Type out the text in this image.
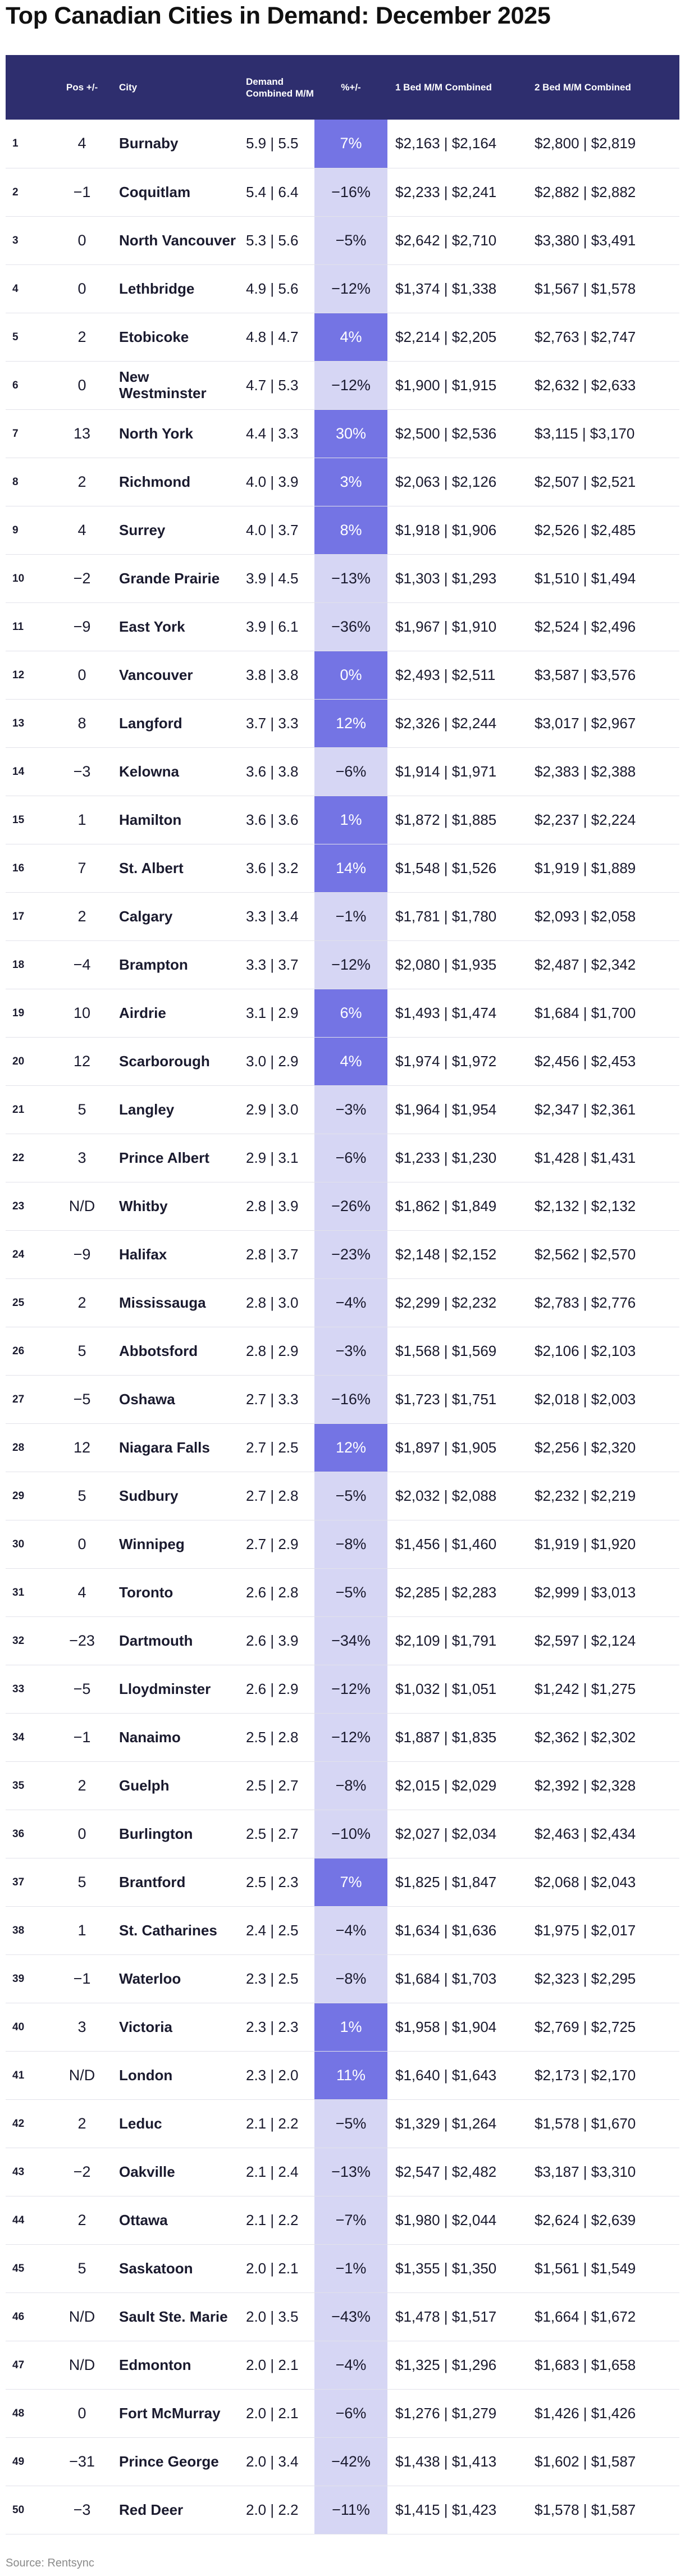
Top Canadian Cities in Demand: December 2025
	Pos +/-	City	Demand Combined M/M	%+/-	1 Bed M/M Combined	2 Bed M/M Combined
1	4	Burnaby	5.9 | 5.5	7%	$2,163 | $2,164	$2,800 | $2,819
2	−1	Coquitlam	5.4 | 6.4	−16%	$2,233 | $2,241	$2,882 | $2,882
3	0	North Vancouver	5.3 | 5.6	−5%	$2,642 | $2,710	$3,380 | $3,491
4	0	Lethbridge	4.9 | 5.6	−12%	$1,374 | $1,338	$1,567 | $1,578
5	2	Etobicoke	4.8 | 4.7	4%	$2,214 | $2,205	$2,763 | $2,747
6	0	New Westminster	4.7 | 5.3	−12%	$1,900 | $1,915	$2,632 | $2,633
7	13	North York	4.4 | 3.3	30%	$2,500 | $2,536	$3,115 | $3,170
8	2	Richmond	4.0 | 3.9	3%	$2,063 | $2,126	$2,507 | $2,521
9	4	Surrey	4.0 | 3.7	8%	$1,918 | $1,906	$2,526 | $2,485
10	−2	Grande Prairie	3.9 | 4.5	−13%	$1,303 | $1,293	$1,510 | $1,494
11	−9	East York	3.9 | 6.1	−36%	$1,967 | $1,910	$2,524 | $2,496
12	0	Vancouver	3.8 | 3.8	0%	$2,493 | $2,511	$3,587 | $3,576
13	8	Langford	3.7 | 3.3	12%	$2,326 | $2,244	$3,017 | $2,967
14	−3	Kelowna	3.6 | 3.8	−6%	$1,914 | $1,971	$2,383 | $2,388
15	1	Hamilton	3.6 | 3.6	1%	$1,872 | $1,885	$2,237 | $2,224
16	7	St. Albert	3.6 | 3.2	14%	$1,548 | $1,526	$1,919 | $1,889
17	2	Calgary	3.3 | 3.4	−1%	$1,781 | $1,780	$2,093 | $2,058
18	−4	Brampton	3.3 | 3.7	−12%	$2,080 | $1,935	$2,487 | $2,342
19	10	Airdrie	3.1 | 2.9	6%	$1,493 | $1,474	$1,684 | $1,700
20	12	Scarborough	3.0 | 2.9	4%	$1,974 | $1,972	$2,456 | $2,453
21	5	Langley	2.9 | 3.0	−3%	$1,964 | $1,954	$2,347 | $2,361
22	3	Prince Albert	2.9 | 3.1	−6%	$1,233 | $1,230	$1,428 | $1,431
23	N/D	Whitby	2.8 | 3.9	−26%	$1,862 | $1,849	$2,132 | $2,132
24	−9	Halifax	2.8 | 3.7	−23%	$2,148 | $2,152	$2,562 | $2,570
25	2	Mississauga	2.8 | 3.0	−4%	$2,299 | $2,232	$2,783 | $2,776
26	5	Abbotsford	2.8 | 2.9	−3%	$1,568 | $1,569	$2,106 | $2,103
27	−5	Oshawa	2.7 | 3.3	−16%	$1,723 | $1,751	$2,018 | $2,003
28	12	Niagara Falls	2.7 | 2.5	12%	$1,897 | $1,905	$2,256 | $2,320
29	5	Sudbury	2.7 | 2.8	−5%	$2,032 | $2,088	$2,232 | $2,219
30	0	Winnipeg	2.7 | 2.9	−8%	$1,456 | $1,460	$1,919 | $1,920
31	4	Toronto	2.6 | 2.8	−5%	$2,285 | $2,283	$2,999 | $3,013
32	−23	Dartmouth	2.6 | 3.9	−34%	$2,109 | $1,791	$2,597 | $2,124
33	−5	Lloydminster	2.6 | 2.9	−12%	$1,032 | $1,051	$1,242 | $1,275
34	−1	Nanaimo	2.5 | 2.8	−12%	$1,887 | $1,835	$2,362 | $2,302
35	2	Guelph	2.5 | 2.7	−8%	$2,015 | $2,029	$2,392 | $2,328
36	0	Burlington	2.5 | 2.7	−10%	$2,027 | $2,034	$2,463 | $2,434
37	5	Brantford	2.5 | 2.3	7%	$1,825 | $1,847	$2,068 | $2,043
38	1	St. Catharines	2.4 | 2.5	−4%	$1,634 | $1,636	$1,975 | $2,017
39	−1	Waterloo	2.3 | 2.5	−8%	$1,684 | $1,703	$2,323 | $2,295
40	3	Victoria	2.3 | 2.3	1%	$1,958 | $1,904	$2,769 | $2,725
41	N/D	London	2.3 | 2.0	11%	$1,640 | $1,643	$2,173 | $2,170
42	2	Leduc	2.1 | 2.2	−5%	$1,329 | $1,264	$1,578 | $1,670
43	−2	Oakville	2.1 | 2.4	−13%	$2,547 | $2,482	$3,187 | $3,310
44	2	Ottawa	2.1 | 2.2	−7%	$1,980 | $2,044	$2,624 | $2,639
45	5	Saskatoon	2.0 | 2.1	−1%	$1,355 | $1,350	$1,561 | $1,549
46	N/D	Sault Ste. Marie	2.0 | 3.5	−43%	$1,478 | $1,517	$1,664 | $1,672
47	N/D	Edmonton	2.0 | 2.1	−4%	$1,325 | $1,296	$1,683 | $1,658
48	0	Fort McMurray	2.0 | 2.1	−6%	$1,276 | $1,279	$1,426 | $1,426
49	−31	Prince George	2.0 | 3.4	−42%	$1,438 | $1,413	$1,602 | $1,587
50	−3	Red Deer	2.0 | 2.2	−11%	$1,415 | $1,423	$1,578 | $1,587
Source: Rentsync
